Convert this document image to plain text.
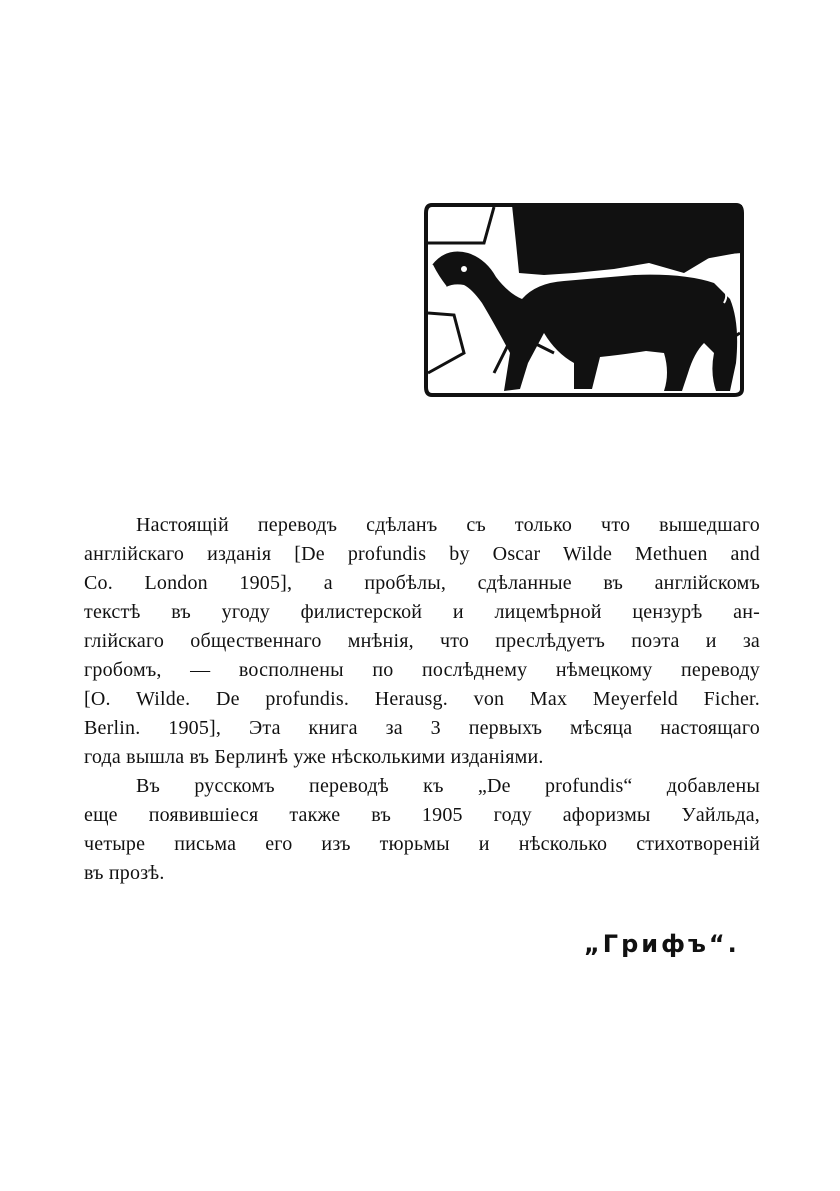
Настоящій переводъ сдѣланъ съ только что вышедшаго
англійскаго изданія [De profundis by Oscar Wilde Methuen and
Co. London 1905], а пробѣлы, сдѣланные въ англійскомъ
текстѣ въ угоду филистерской и лицемѣрной цензурѣ ан-
глійскаго общественнаго мнѣнія, что преслѣдуетъ поэта и за
гробомъ, — восполнены по послѣднему нѣмецкому переводу
[O. Wilde. De profundis. Herausg. von Max Meyerfeld Ficher.
Berlin. 1905], Эта книга за 3 первыхъ мѣсяца настоящаго
года вышла въ Берлинѣ уже нѣсколькими изданіями.
Въ русскомъ переводѣ къ „De profundis“ добавлены
еще появившіеся также въ 1905 году афоризмы Уайльда,
четыре письма его изъ тюрьмы и нѣсколько стихотвореній
въ прозѣ.
„Грифъ“.
